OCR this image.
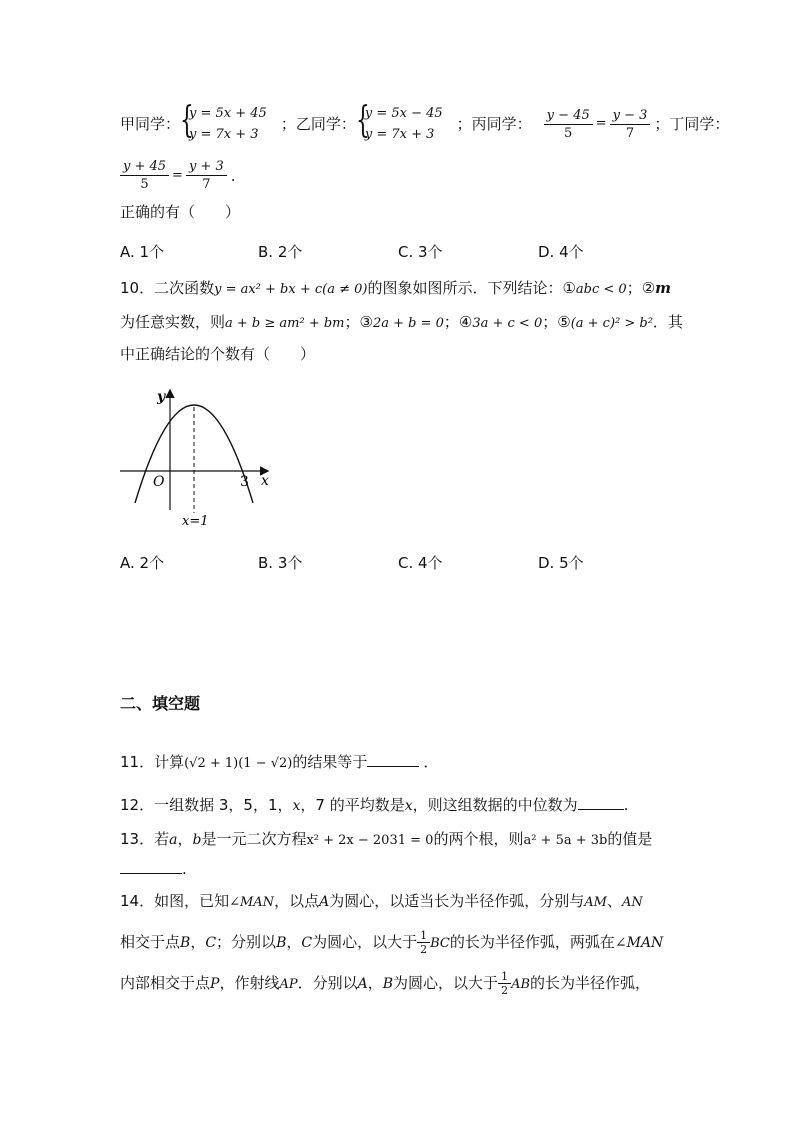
甲同学： {
y = 5x + 45
y = 7x + 3
；乙同学： {
y = 5x − 45
y = 7x + 3
；丙同学： $\frac{y - 45}{5} = \frac{y - 3}{7}$ ；丁同学：
$\frac{y + 45}{5} = \frac{y + 3}{7}$ .
正确的有（　　）
A. 1个	B. 2个	C. 3个	D. 4个
10．二次函数y = ax² + bx + c(a ≠ 0)的图象如图所示．下列结论：①abc < 0；②m
为任意实数，则a + b ≥ am² + bm；③2a + b = 0；④3a + c < 0；⑤(a + c)² > b²．其
中正确结论的个数有（　　）
y
x
O	3
x=1
A. 2个	B. 3个	C. 4个	D. 5个
二、填空题
11．计算(√2 + 1)(1 − √2)的结果等于	．
12．一组数据 3，5，1，x，7 的平均数是x，则这组数据的中位数为	.
13．若a，b是一元二次方程x² + 2x − 2031 = 0的两个根，则a² + 5a + 3b的值是
.
14．如图，已知∠MAN，以点A为圆心，以适当长为半径作弧，分别与AM、AN
相交于点B，C；分别以B，C为圆心，以大于 $\frac{1}{2}$ BC的长为半径作弧，两弧在∠MAN
内部相交于点P，作射线AP．分别以A，B为圆心，以大于 $\frac{1}{2}$ AB的长为半径作弧，
